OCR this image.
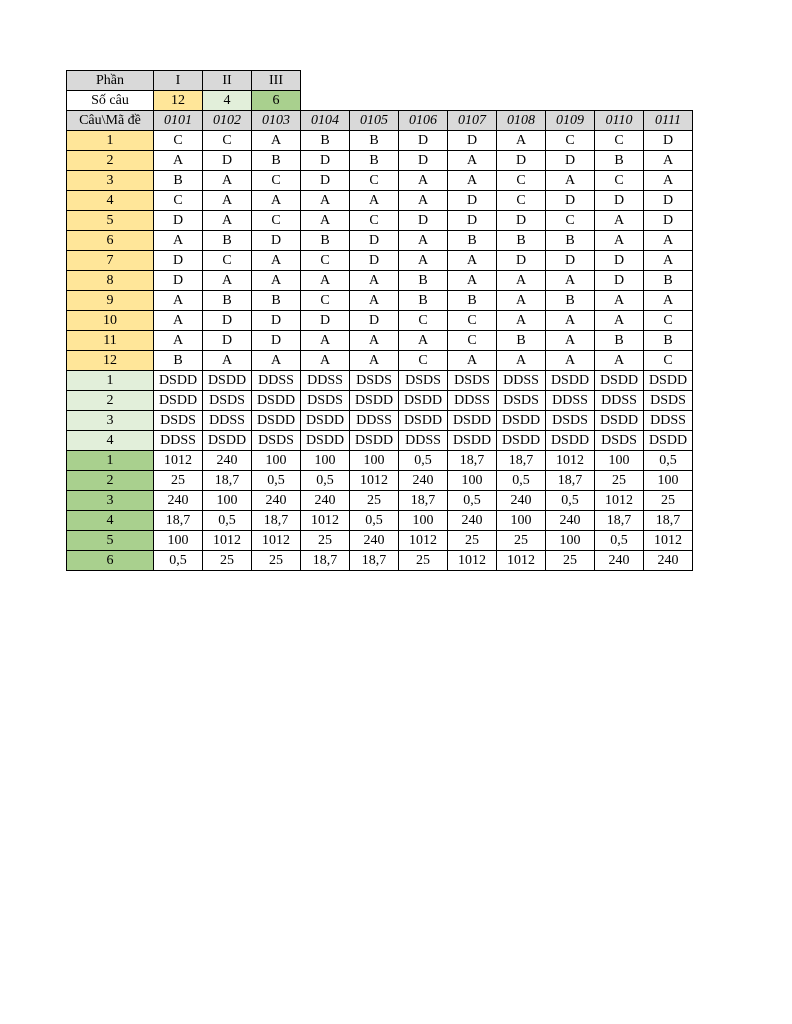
Phần	I	II	III
Số câu	12	4	6
Câu\Mã đề	0101	0102	0103	0104	0105	0106	0107	0108	0109	0110	0111
1	C	C	A	B	B	D	D	A	C	C	D
2	A	D	B	D	B	D	A	D	D	B	A
3	B	A	C	D	C	A	A	C	A	C	A
4	C	A	A	A	A	A	D	C	D	D	D
5	D	A	C	A	C	D	D	D	C	A	D
6	A	B	D	B	D	A	B	B	B	A	A
7	D	C	A	C	D	A	A	D	D	D	A
8	D	A	A	A	A	B	A	A	A	D	B
9	A	B	B	C	A	B	B	A	B	A	A
10	A	D	D	D	D	C	C	A	A	A	C
11	A	D	D	A	A	A	C	B	A	B	B
12	B	A	A	A	A	C	A	A	A	A	C
1	DSDD	DSDD	DDSS	DDSS	DSDS	DSDS	DSDS	DDSS	DSDD	DSDD	DSDD
2	DSDD	DSDS	DSDD	DSDS	DSDD	DSDD	DDSS	DSDS	DDSS	DDSS	DSDS
3	DSDS	DDSS	DSDD	DSDD	DDSS	DSDD	DSDD	DSDD	DSDS	DSDD	DDSS
4	DDSS	DSDD	DSDS	DSDD	DSDD	DDSS	DSDD	DSDD	DSDD	DSDS	DSDD
1	1012	240	100	100	100	0,5	18,7	18,7	1012	100	0,5
2	25	18,7	0,5	0,5	1012	240	100	0,5	18,7	25	100
3	240	100	240	240	25	18,7	0,5	240	0,5	1012	25
4	18,7	0,5	18,7	1012	0,5	100	240	100	240	18,7	18,7
5	100	1012	1012	25	240	1012	25	25	100	0,5	1012
6	0,5	25	25	18,7	18,7	25	1012	1012	25	240	240
